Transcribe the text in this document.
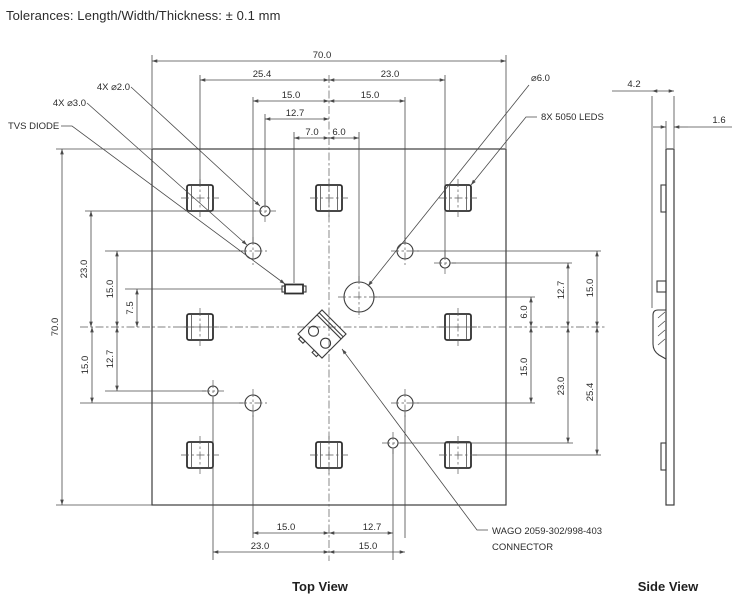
Tolerances: Length/Width/Thickness: ± 0.1 mm
70.0
25.4	23.0
15.0	15.0
12.7
7.0 6.0
70.0
23.0
15.0
7.5
12.7
15.0
6.0
12.7 15.0
15.0
23.0 25.4
15.0	12.7
23.0	15.0
4X ⌀2.0
4X ⌀3.0
TVS DIODE
⌀6.0
8X 5050 LEDS
WAGO 2059-302/998-403
CONNECTOR
Top View
4.2
1.6
Side View
